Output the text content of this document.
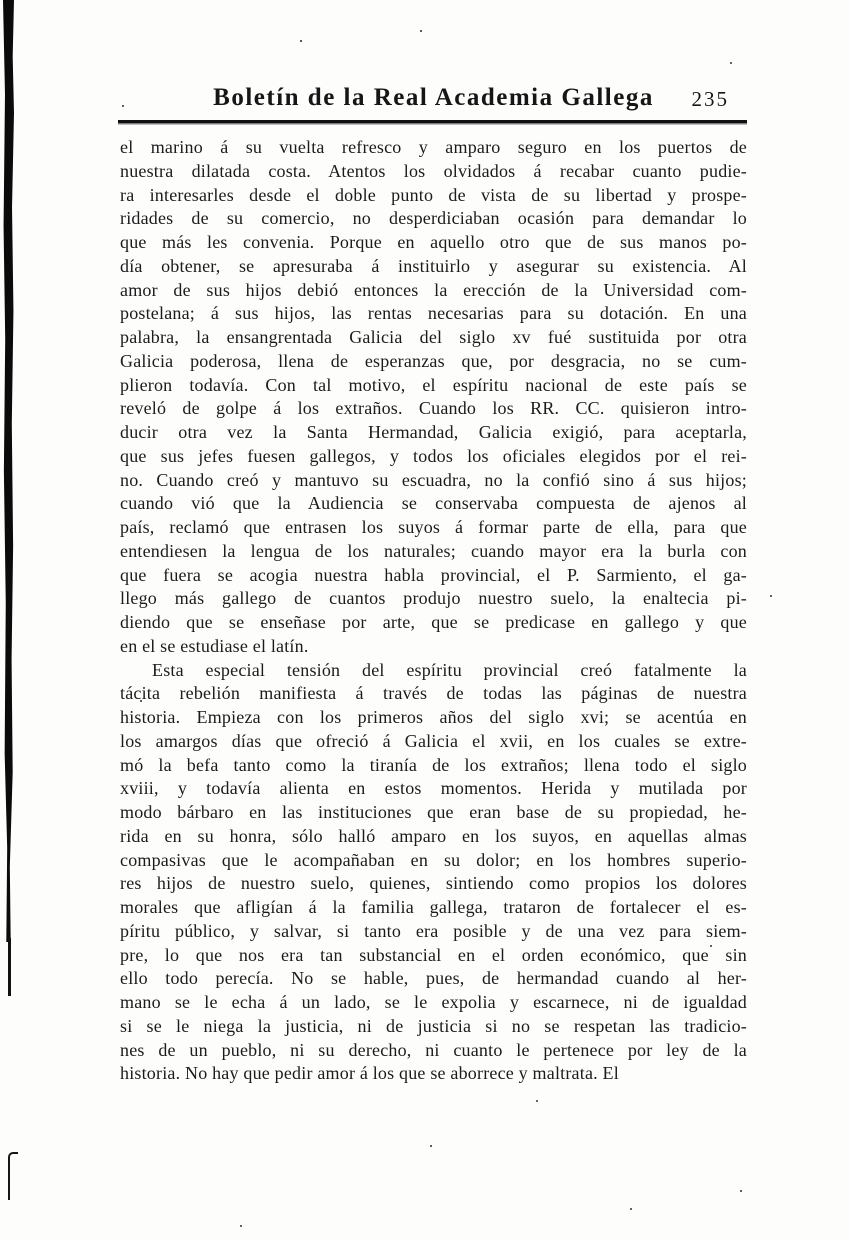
Boletín de la Real Academia Gallega	235
el marino á su vuelta refresco y amparo seguro en los puertos de
nuestra dilatada costa. Atentos los olvidados á recabar cuanto pudie-
ra interesarles desde el doble punto de vista de su libertad y prospe-
ridades de su comercio, no desperdiciaban ocasión para demandar lo
que más les convenia. Porque en aquello otro que de sus manos po-
día obtener, se apresuraba á instituirlo y asegurar su existencia. Al
amor de sus hijos debió entonces la erección de la Universidad com-
postelana; á sus hijos, las rentas necesarias para su dotación. En una
palabra, la ensangrentada Galicia del siglo xv fué sustituida por otra
Galicia poderosa, llena de esperanzas que, por desgracia, no se cum-
plieron todavía. Con tal motivo, el espíritu nacional de este país se
reveló de golpe á los extraños. Cuando los RR. CC. quisieron intro-
ducir otra vez la Santa Hermandad, Galicia exigió, para aceptarla,
que sus jefes fuesen gallegos, y todos los oficiales elegidos por el rei-
no. Cuando creó y mantuvo su escuadra, no la confió sino á sus hijos;
cuando vió que la Audiencia se conservaba compuesta de ajenos al
país, reclamó que entrasen los suyos á formar parte de ella, para que
entendiesen la lengua de los naturales; cuando mayor era la burla con
que fuera se acogia nuestra habla provincial, el P. Sarmiento, el ga-
llego más gallego de cuantos produjo nuestro suelo, la enaltecia pi-
diendo que se enseñase por arte, que se predicase en gallego y que
en el se estudiase el latín.
Esta especial tensión del espíritu provincial creó fatalmente la
tácita rebelión manifiesta á través de todas las páginas de nuestra
historia. Empieza con los primeros años del siglo xvi; se acentúa en
los amargos días que ofreció á Galicia el xvii, en los cuales se extre-
mó la befa tanto como la tiranía de los extraños; llena todo el siglo
xviii, y todavía alienta en estos momentos. Herida y mutilada por
modo bárbaro en las instituciones que eran base de su propiedad, he-
rida en su honra, sólo halló amparo en los suyos, en aquellas almas
compasivas que le acompañaban en su dolor; en los hombres superio-
res hijos de nuestro suelo, quienes, sintiendo como propios los dolores
morales que afligían á la familia gallega, trataron de fortalecer el es-
píritu público, y salvar, si tanto era posible y de una vez para siem-
pre, lo que nos era tan substancial en el orden económico, que sin
ello todo perecía. No se hable, pues, de hermandad cuando al her-
mano se le echa á un lado, se le expolia y escarnece, ni de igualdad
si se le niega la justicia, ni de justicia si no se respetan las tradicio-
nes de un pueblo, ni su derecho, ni cuanto le pertenece por ley de la
historia. No hay que pedir amor á los que se aborrece y maltrata. El
